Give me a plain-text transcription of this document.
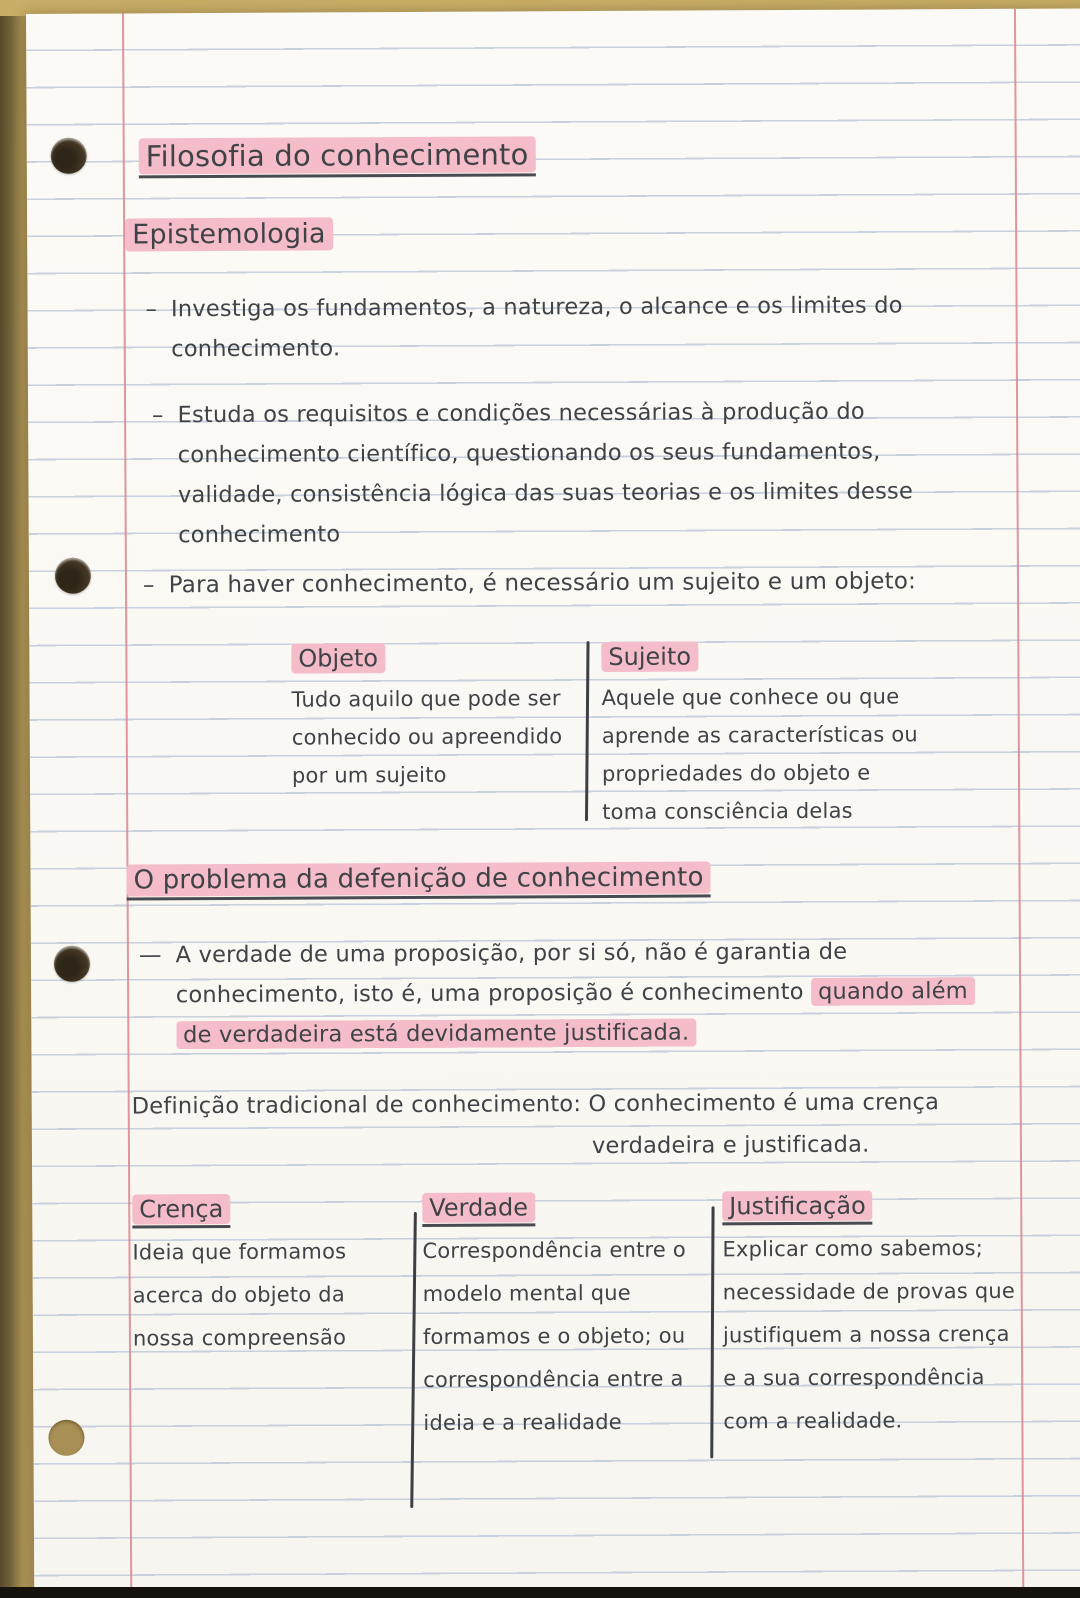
Filosofia do conhecimento
Epistemologia
– Investiga os fundamentos, a natureza, o alcance e os limites do conhecimento.
– Estuda os requisitos e condições necessárias à produção do conhecimento científico, questionando os seus fundamentos, validade, consistência lógica das suas teorias e os limites desse conhecimento
– Para haver conhecimento, é necessário um sujeito e um objeto:
Objeto
Tudo aquilo que pode ser conhecido ou apreendido por um sujeito
Sujeito
Aquele que conhece ou que aprende as características ou propriedades do objeto e toma consciência delas
O problema da defenição de conhecimento
— A verdade de uma proposição, por si só, não é garantia de conhecimento, isto é, uma proposição é conhecimento quando além de verdadeira está devidamente justificada.
Definição tradicional de conhecimento: O conhecimento é uma crença
verdadeira e justificada.
Crença
Ideia que formamos acerca do objeto da nossa compreensão
Verdade
Correspondência entre o modelo mental que formamos e o objeto; ou correspondência entre a ideia e a realidade
Justificação
Explicar como sabemos; necessidade de provas que justifiquem a nossa crença e a sua correspondência com a realidade.
